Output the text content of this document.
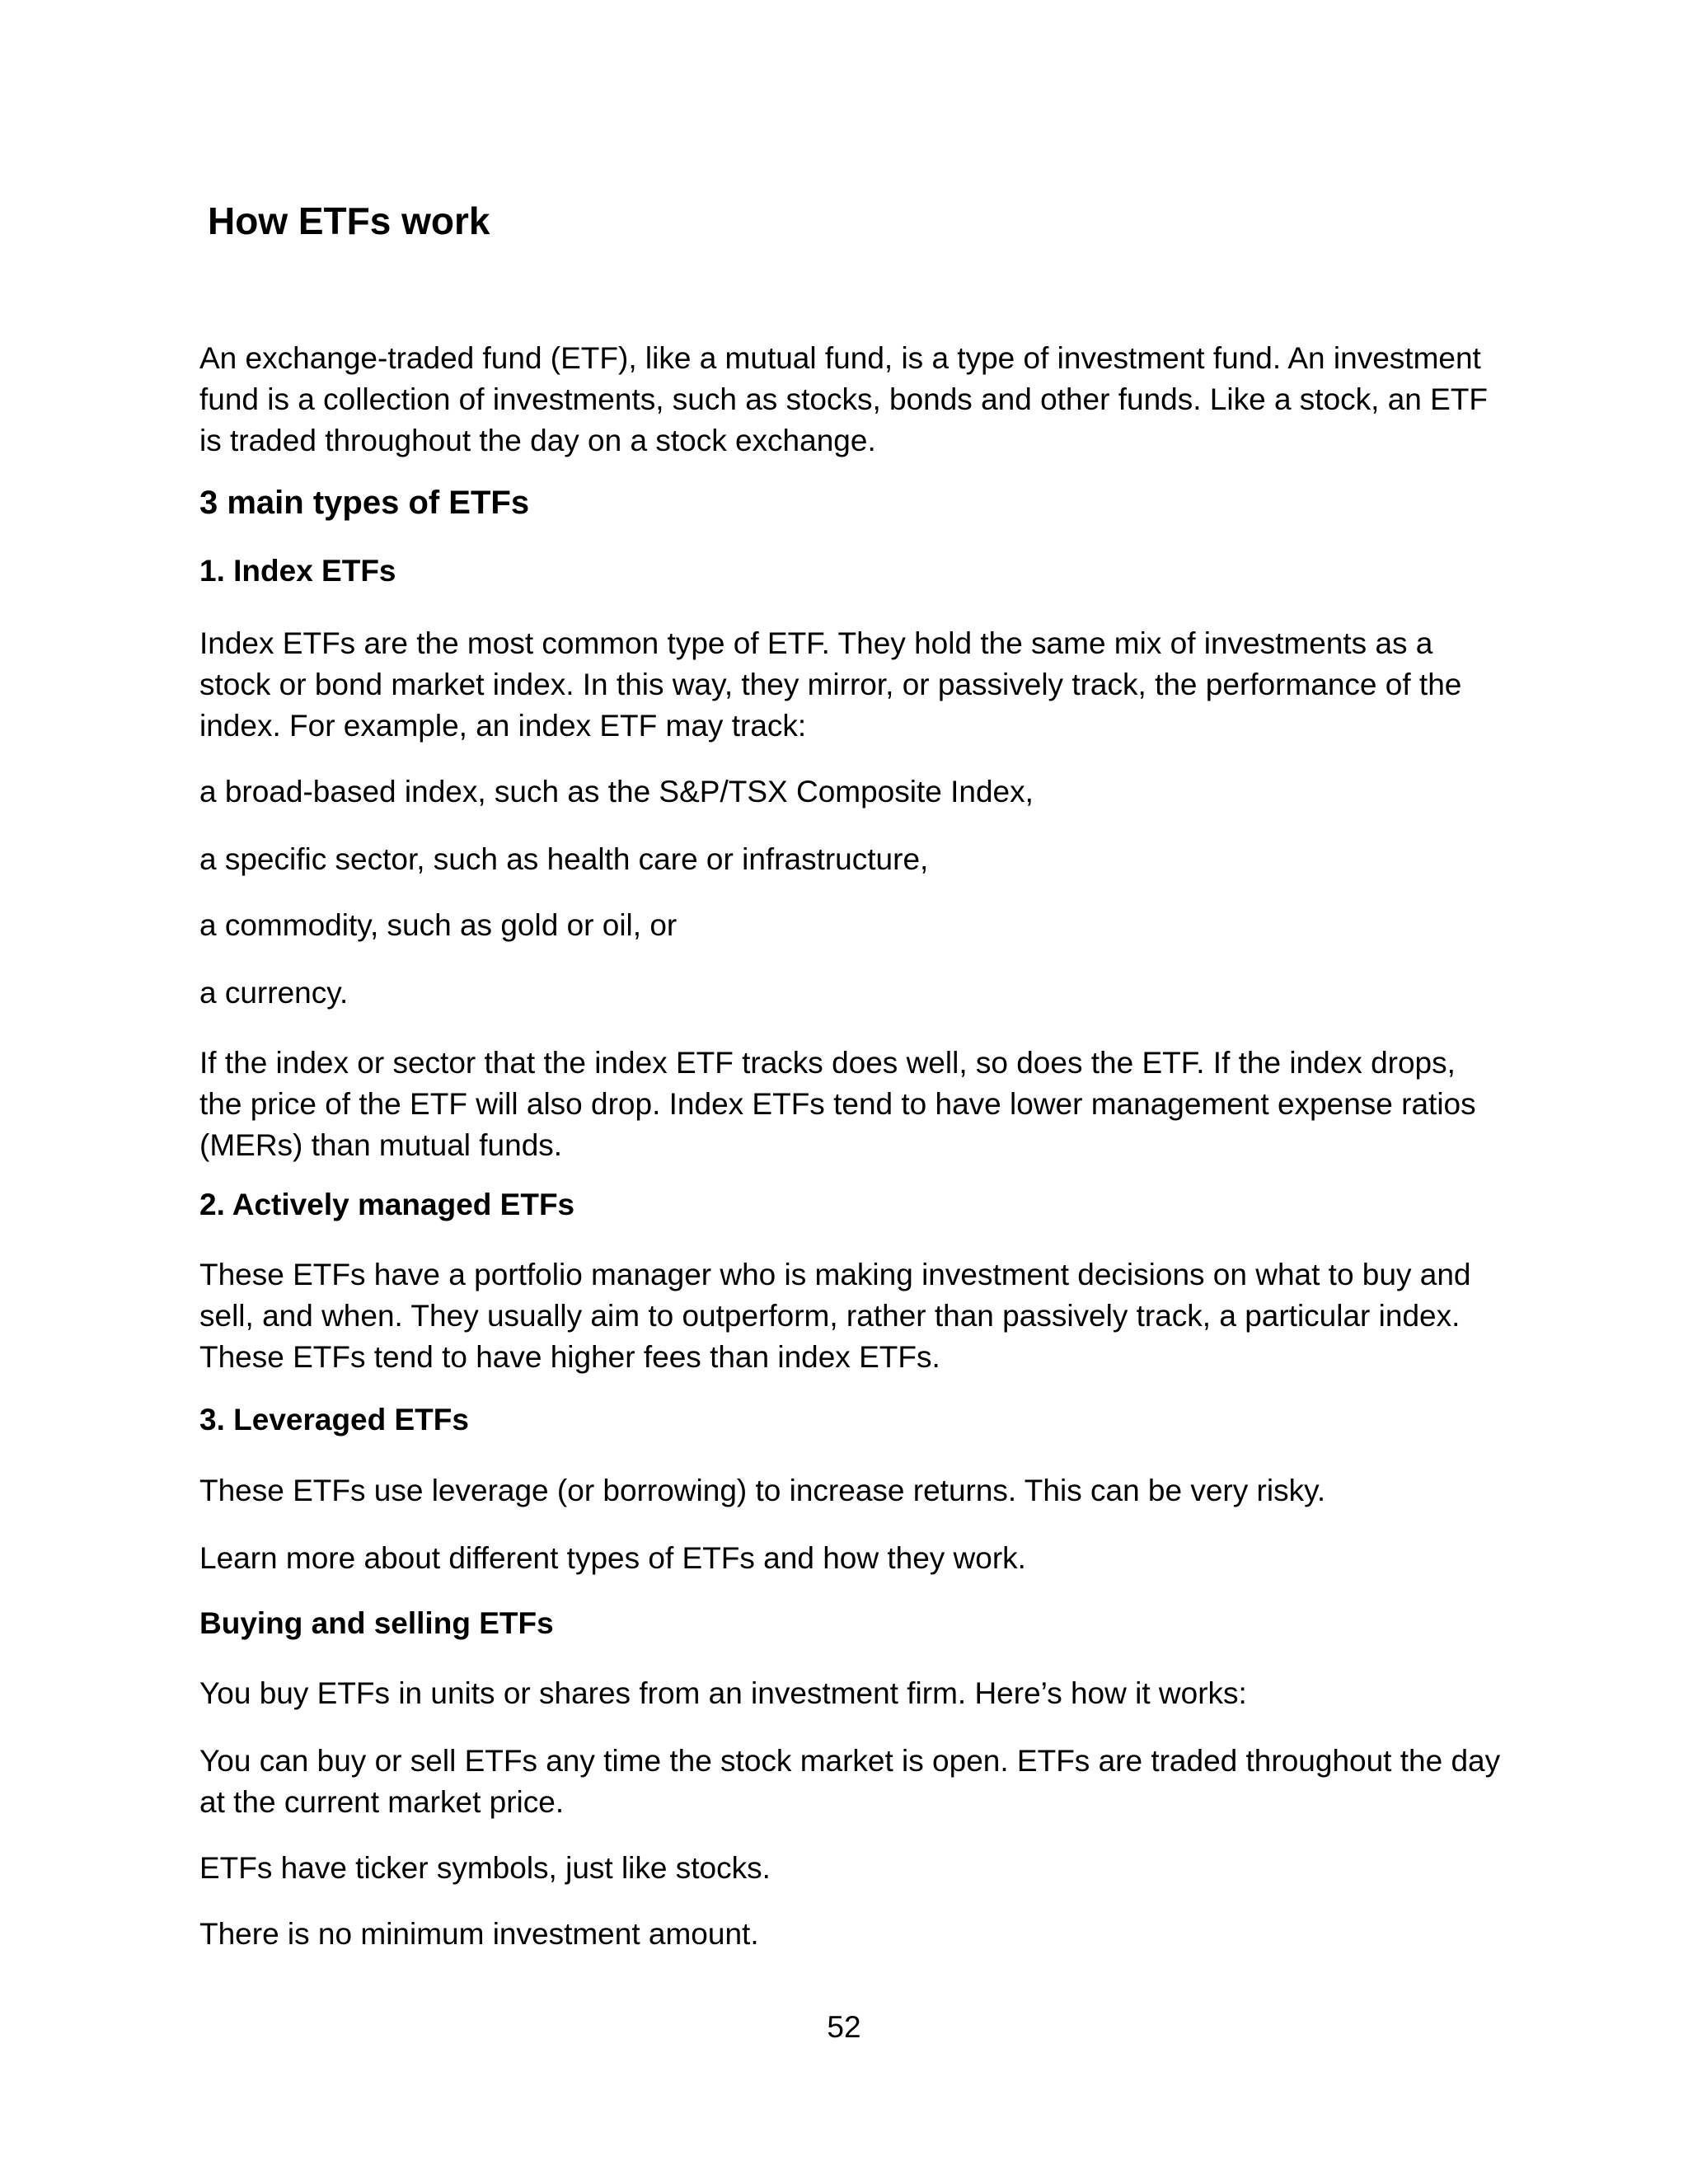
How ETFs work

An exchange-traded fund (ETF), like a mutual fund, is a type of investment fund. An investment fund is a collection of investments, such as stocks, bonds and other funds. Like a stock, an ETF is traded throughout the day on a stock exchange.

3 main types of ETFs
1. Index ETFs

Index ETFs are the most common type of ETF. They hold the same mix of investments as a stock or bond market index. In this way, they mirror, or passively track, the performance of the index. For example, an index ETF may track:

a broad-based index, such as the S&P/TSX Composite Index,

a specific sector, such as health care or infrastructure,

a commodity, such as gold or oil, or

a currency.

If the index or sector that the index ETF tracks does well, so does the ETF. If the index drops, the price of the ETF will also drop. Index ETFs tend to have lower management expense ratios (MERs) than mutual funds.

2. Actively managed ETFs

These ETFs have a portfolio manager who is making investment decisions on what to buy and sell, and when. They usually aim to outperform, rather than passively track, a particular index. These ETFs tend to have higher fees than index ETFs.

3. Leveraged ETFs

These ETFs use leverage (or borrowing) to increase returns. This can be very risky.

Learn more about different types of ETFs and how they work.

Buying and selling ETFs

You buy ETFs in units or shares from an investment firm. Here’s how it works:

You can buy or sell ETFs any time the stock market is open. ETFs are traded throughout the day at the current market price.

ETFs have ticker symbols, just like stocks.

There is no minimum investment amount.

52
